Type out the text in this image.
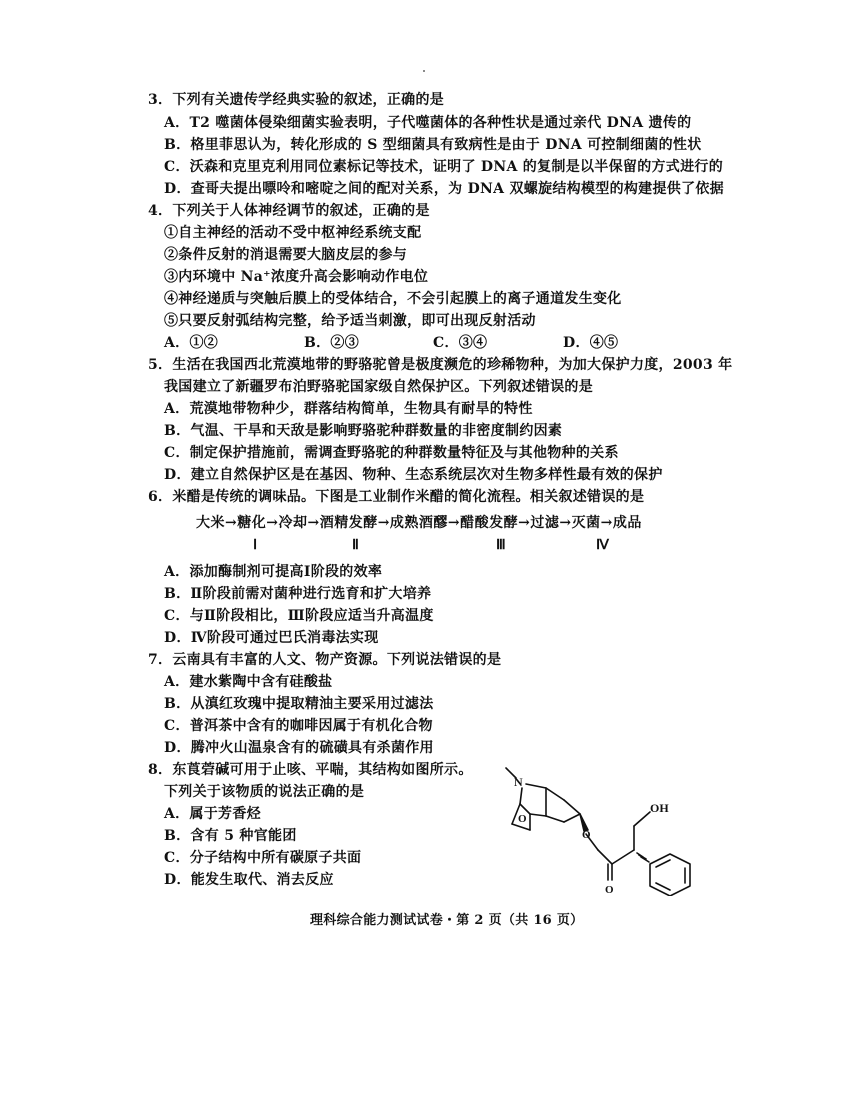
3．下列有关遗传学经典实验的叙述，正确的是
A．T2 噬菌体侵染细菌实验表明，子代噬菌体的各种性状是通过亲代 DNA 遗传的
B．格里菲思认为，转化形成的 S 型细菌具有致病性是由于 DNA 可控制细菌的性状
C．沃森和克里克利用同位素标记等技术，证明了 DNA 的复制是以半保留的方式进行的
D．查哥夫提出嘌呤和嘧啶之间的配对关系，为 DNA 双螺旋结构模型的构建提供了依据
4．下列关于人体神经调节的叙述，正确的是
①自主神经的活动不受中枢神经系统支配
②条件反射的消退需要大脑皮层的参与
③内环境中 Na⁺浓度升高会影响动作电位
④神经递质与突触后膜上的受体结合，不会引起膜上的离子通道发生变化
⑤只要反射弧结构完整，给予适当刺激，即可出现反射活动
A．①②	B．②③	C．③④	D．④⑤
5．生活在我国西北荒漠地带的野骆驼曾是极度濒危的珍稀物种，为加大保护力度，2003 年
我国建立了新疆罗布泊野骆驼国家级自然保护区。下列叙述错误的是
A．荒漠地带物种少，群落结构简单，生物具有耐旱的特性
B．气温、干旱和天敌是影响野骆驼种群数量的非密度制约因素
C．制定保护措施前，需调查野骆驼的种群数量特征及与其他物种的关系
D．建立自然保护区是在基因、物种、生态系统层次对生物多样性最有效的保护
6．米醋是传统的调味品。下图是工业制作米醋的简化流程。相关叙述错误的是
大米→糖化→冷却→酒精发酵→成熟酒醪→醋酸发酵→过滤→灭菌→成品
Ⅰ	Ⅱ	Ⅲ	Ⅳ
A．添加酶制剂可提高Ⅰ阶段的效率
B．Ⅱ阶段前需对菌种进行选育和扩大培养
C．与Ⅱ阶段相比，Ⅲ阶段应适当升高温度
D．Ⅳ阶段可通过巴氏消毒法实现
7．云南具有丰富的人文、物产资源。下列说法错误的是
A．建水紫陶中含有硅酸盐
B．从滇红玫瑰中提取精油主要采用过滤法
C．普洱茶中含有的咖啡因属于有机化合物
D．腾冲火山温泉含有的硫磺具有杀菌作用
8．东莨菪碱可用于止咳、平喘，其结构如图所示。
下列关于该物质的说法正确的是
A．属于芳香烃
B．含有 5 种官能团
C．分子结构中所有碳原子共面
D．能发生取代、消去反应
N
O
O
O
OH
理科综合能力测试试卷・第 2 页（共 16 页）
